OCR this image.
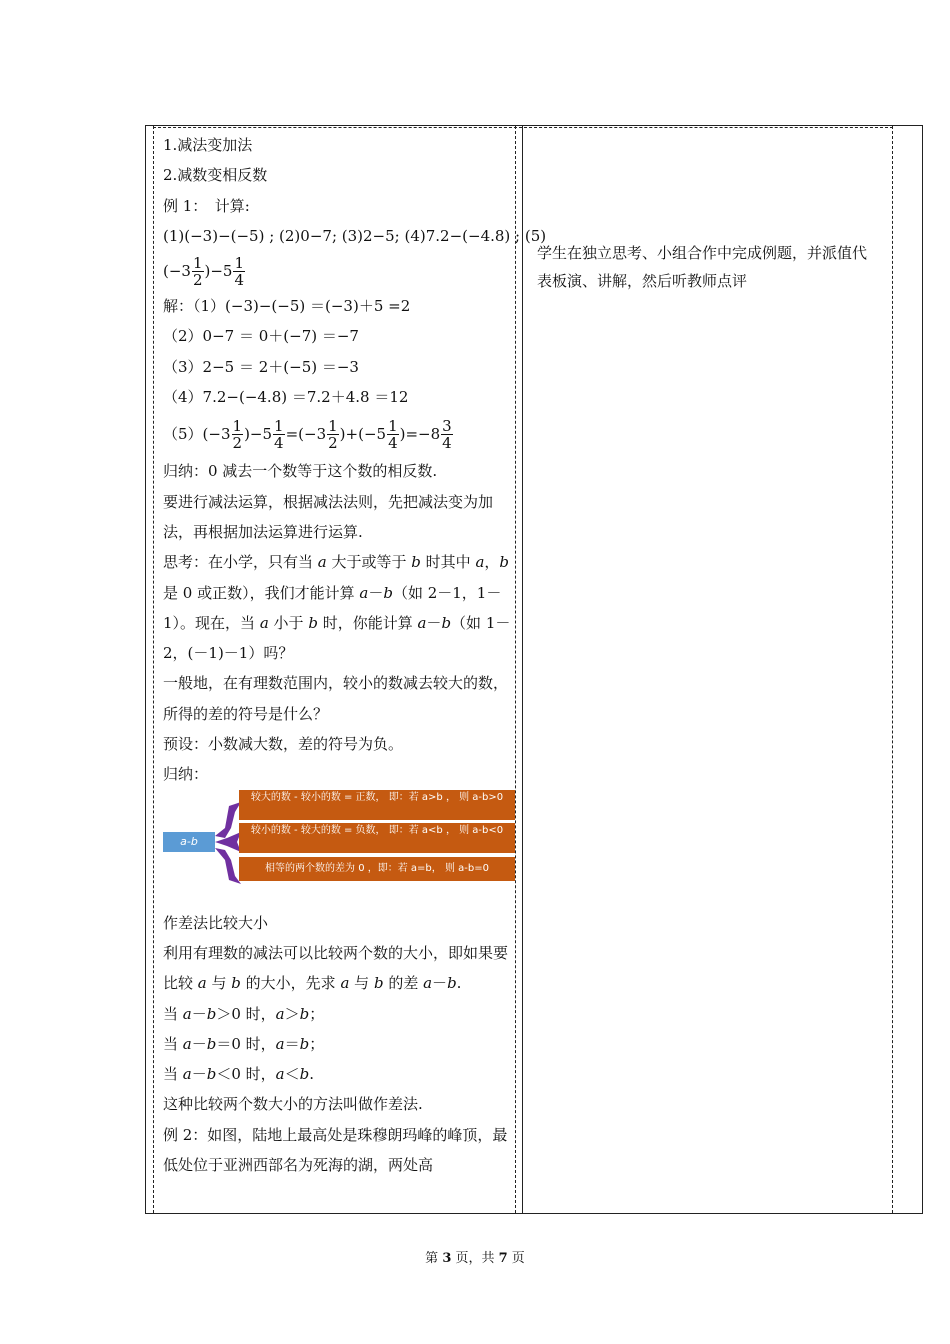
1.减法变加法
2.减数变相反数
例 1：　计算:
(1)(−3)−(−5) ; (2)0−7; (3)2−5; (4)7.2−(−4.8) ; (5)
$(-3 \frac{1}{2} )-5 \frac{1}{4}$
解：（1）(−3)−(−5) ＝(−3)＋5 =2
（2）0−7 ＝ 0＋(−7) ＝−7
（3）2−5 ＝ 2＋(−5) ＝−3
（4）7.2−(−4.8) ＝7.2＋4.8 ＝12
（5） $(-3 \frac{1}{2} )-5 \frac{1}{4} = (-3 \frac{1}{2} )+(-5 \frac{1}{4} )=-8 \frac{3}{4}$
归纳：0 减去一个数等于这个数的相反数.
要进行减法运算，根据减法法则，先把减法变为加法，再根据加法运算进行运算.
思考：在小学，只有当 a 大于或等于 b 时其中 a，b 是 0 或正数），我们才能计算 a－b（如 2－1，1－1）。现在，当 a 小于 b 时，你能计算 a－b（如 1－2，(－1)－1）吗？
一般地，在有理数范围内，较小的数减去较大的数，所得的差的符号是什么？
预设：小数减大数，差的符号为负。
归纳：
a-b
较大的数 - 较小的数 = 正数， 即：若 a>b ， 则 a-b>0
较小的数 - 较大的数 = 负数， 即：若 a<b ， 则 a-b<0
相等的两个数的差为 0 ，即：若 a=b， 则 a-b=0
作差法比较大小
利用有理数的减法可以比较两个数的大小，即如果要比较 a 与 b 的大小，先求 a 与 b 的差 a－b.
当 a－b＞0 时，a＞b；
当 a－b＝0 时，a＝b；
当 a－b＜0 时，a＜b.
这种比较两个数大小的方法叫做作差法.
例 2：如图，陆地上最高处是珠穆朗玛峰的峰顶，最低处位于亚洲西部名为死海的湖，两处高
学生在独立思考、小组合作中完成例题，并派值代表板演、讲解，然后听教师点评
第 3 页，共 7 页
